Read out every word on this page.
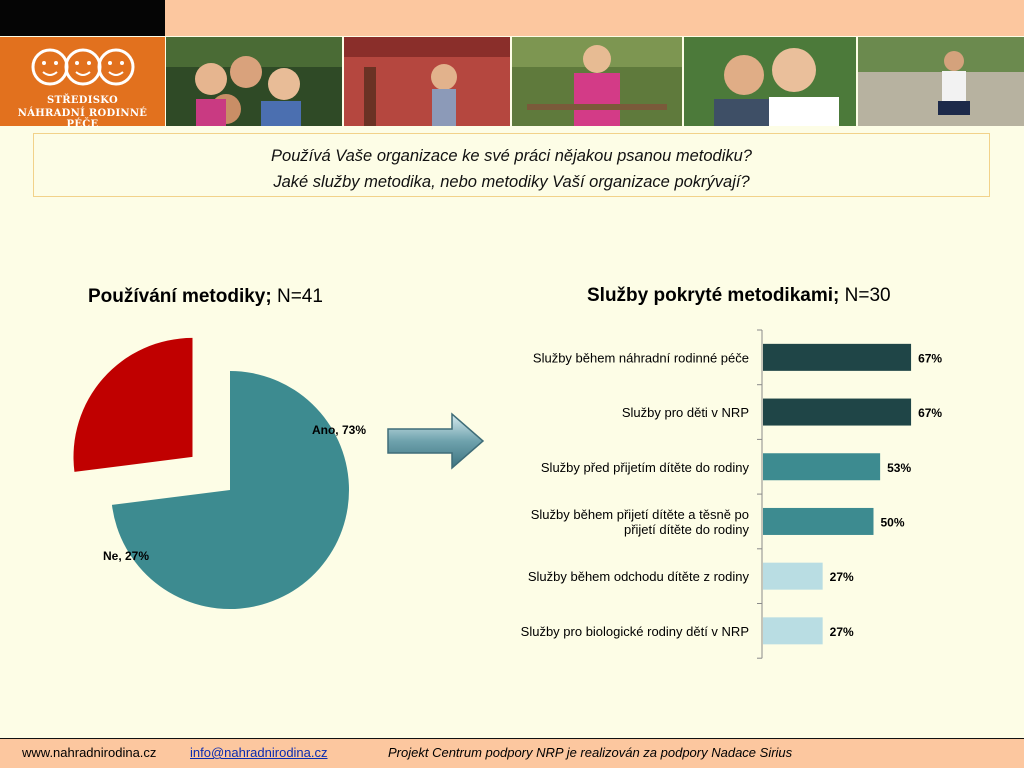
STŘEDISKO
NÁHRADNÍ RODINNÉ PÉČE
Používá Vaše organizace ke své práci nějakou psanou metodiku?
Jaké služby metodika, nebo metodiky Vaší organizace pokrývají?
Používání metodiky; N=41	Služby pokryté metodikami; N=30
Ano, 73%
Ne, 27%
67%
Služby během náhradní rodinné péče
67%
Služby pro děti v NRP
53%
Služby před přijetím dítěte do rodiny
50%
Služby během přijetí dítěte a těsně po
přijetí dítěte do rodiny
27%
Služby během odchodu dítěte z rodiny
27%
Služby pro biologické rodiny dětí v NRP
www.nahradnirodina.cz	info@nahradnirodina.cz	Projekt Centrum podpory NRP je realizován za podpory Nadace Sirius
